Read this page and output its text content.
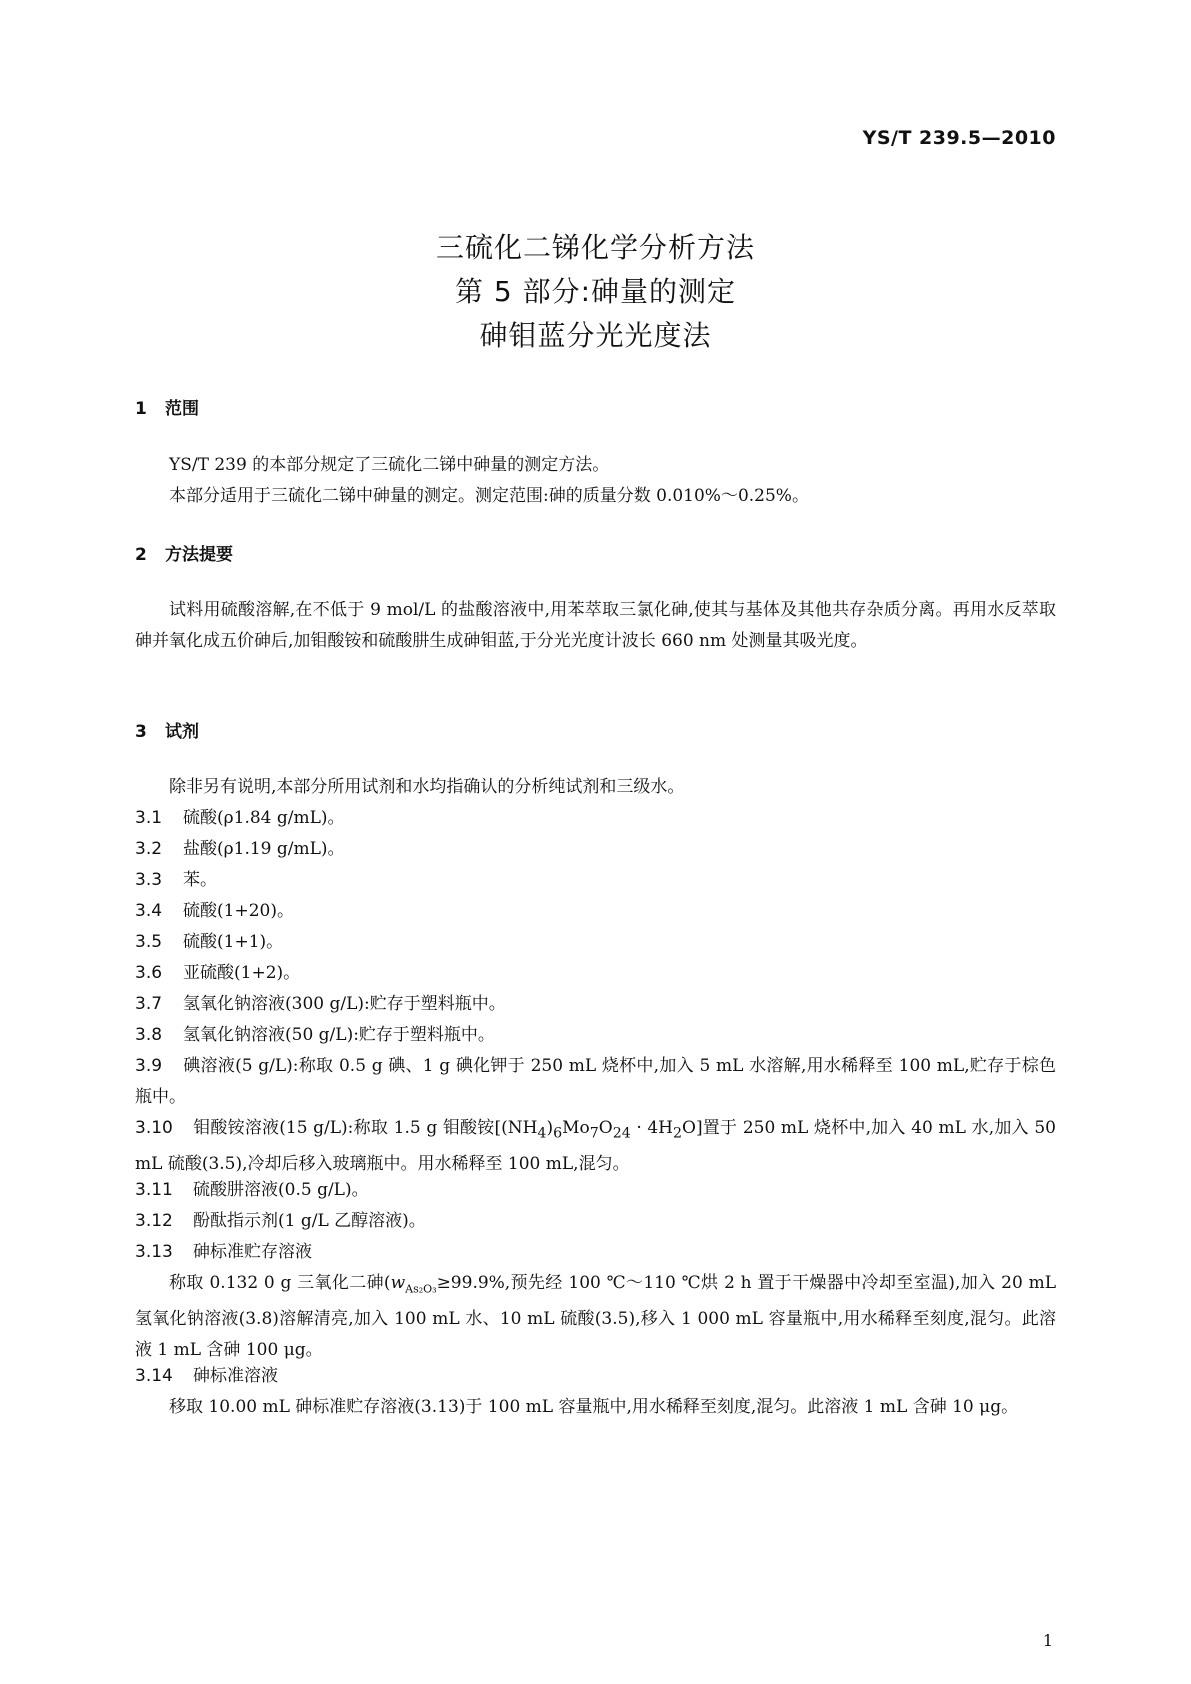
YS/T 239.5—2010
三硫化二锑化学分析方法
第 5 部分:砷量的测定
砷钼蓝分光光度法
1 范围
YS/T 239 的本部分规定了三硫化二锑中砷量的测定方法。
本部分适用于三硫化二锑中砷量的测定。测定范围:砷的质量分数 0.010%～0.25%。
2 方法提要
试料用硫酸溶解,在不低于 9 mol/L 的盐酸溶液中,用苯萃取三氯化砷,使其与基体及其他共存杂质分离。再用水反萃取砷并氧化成五价砷后,加钼酸铵和硫酸肼生成砷钼蓝,于分光光度计波长 660 nm 处测量其吸光度。
3 试剂
除非另有说明,本部分所用试剂和水均指确认的分析纯试剂和三级水。
3.1 硫酸(ρ1.84 g/mL)。
3.2 盐酸(ρ1.19 g/mL)。
3.3 苯。
3.4 硫酸(1+20)。
3.5 硫酸(1+1)。
3.6 亚硫酸(1+2)。
3.7 氢氧化钠溶液(300 g/L):贮存于塑料瓶中。
3.8 氢氧化钠溶液(50 g/L):贮存于塑料瓶中。
3.9 碘溶液(5 g/L):称取 0.5 g 碘、1 g 碘化钾于 250 mL 烧杯中,加入 5 mL 水溶解,用水稀释至 100 mL,贮存于棕色瓶中。
3.10 钼酸铵溶液(15 g/L):称取 1.5 g 钼酸铵$[(NH_4)_6Mo_7O_{24} \cdot 4H_2O]$置于 250 mL 烧杯中,加入 40 mL 水,加入 50 mL 硫酸(3.5),冷却后移入玻璃瓶中。用水稀释至 100 mL,混匀。
3.11 硫酸肼溶液(0.5 g/L)。
3.12 酚酞指示剂(1 g/L 乙醇溶液)。
3.13 砷标准贮存溶液
称取 0.132 0 g 三氧化二砷($w_{As_2O_3}\ge 99.9\%$,预先经 100 ℃～110 ℃烘 2 h 置于干燥器中冷却至室温),加入 20 mL 氢氧化钠溶液(3.8)溶解清亮,加入 100 mL 水、10 mL 硫酸(3.5),移入 1 000 mL 容量瓶中,用水稀释至刻度,混匀。此溶液 1 mL 含砷 100 μg。
3.14 砷标准溶液
移取 10.00 mL 砷标准贮存溶液(3.13)于 100 mL 容量瓶中,用水稀释至刻度,混匀。此溶液 1 mL 含砷 10 μg。
1
